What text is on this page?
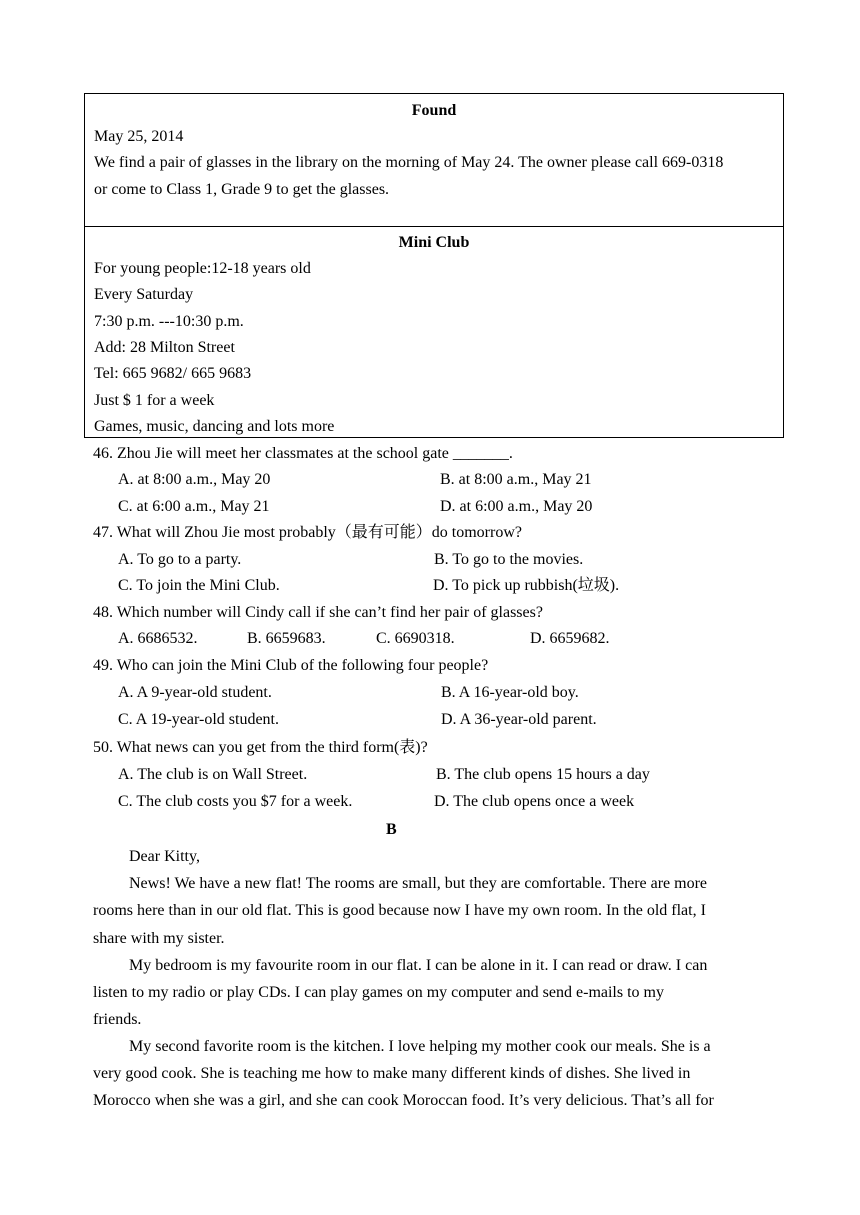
Found
May 25, 2014
We find a pair of glasses in the library on the morning of May 24. The owner please call 669-0318
or come to Class 1, Grade 9 to get the glasses.
Mini Club
For young people:12-18 years old
Every Saturday
7:30 p.m. ---10:30 p.m.
Add: 28 Milton Street
Tel: 665 9682/ 665 9683
Just $ 1 for a week
Games, music, dancing and lots more
46. Zhou Jie will meet her classmates at the school gate _______.
A. at 8:00 a.m., May 20	B. at 8:00 a.m., May 21
C. at 6:00 a.m., May 21	D. at 6:00 a.m., May 20
47. What will Zhou Jie most probably（最有可能）do tomorrow?
A. To go to a party.	B. To go to the movies.
C. To join the Mini Club.	D. To pick up rubbish(垃圾).
48. Which number will Cindy call if she can’t find her pair of glasses?
A. 6686532.	B. 6659683.	C. 6690318.	D. 6659682.
49. Who can join the Mini Club of the following four people?
A. A 9-year-old student.	B. A 16-year-old boy.
C. A 19-year-old student.	D. A 36-year-old parent.
50. What news can you get from the third form(表)?
A. The club is on Wall Street.	B. The club opens 15 hours a day
C. The club costs you $7 for a week.	D. The club opens once a week
B
Dear Kitty,
News! We have a new flat! The rooms are small, but they are comfortable. There are more
rooms here than in our old flat. This is good because now I have my own room. In the old flat, I
share with my sister.
My bedroom is my favourite room in our flat. I can be alone in it. I can read or draw. I can
listen to my radio or play CDs. I can play games on my computer and send e-mails to my
friends.
My second favorite room is the kitchen. I love helping my mother cook our meals. She is a
very good cook. She is teaching me how to make many different kinds of dishes. She lived in
Morocco when she was a girl, and she can cook Moroccan food. It’s very delicious. That’s all for
